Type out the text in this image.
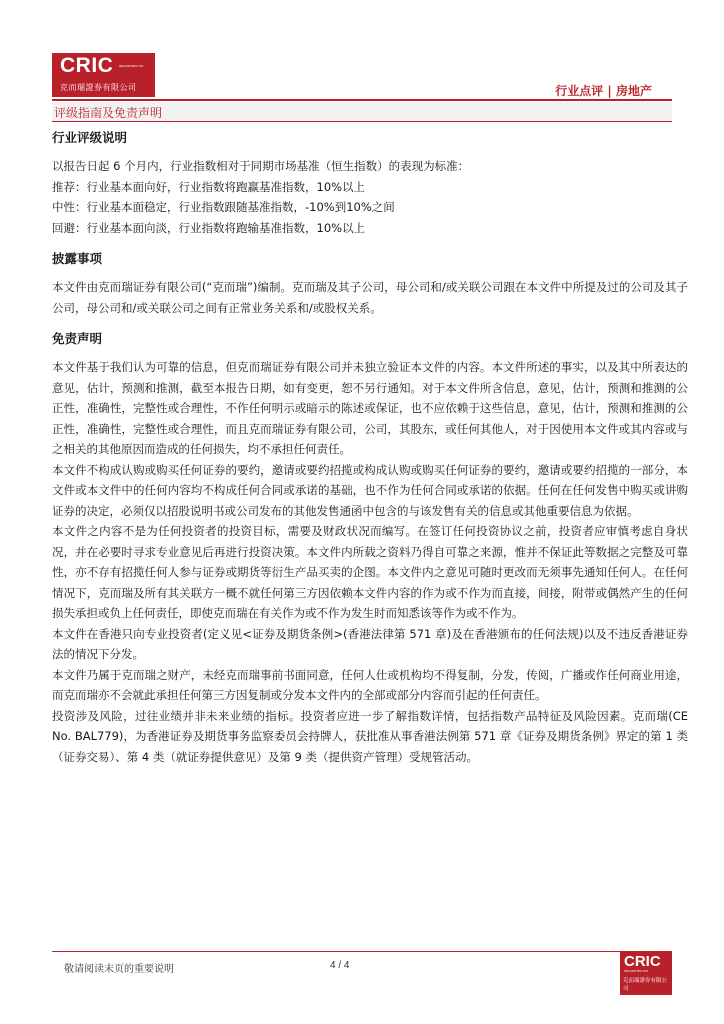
CRIC SECURITIES LTD
克而瑞證券有限公司	行业点评 | 房地产
评级指南及免责声明
行业评级说明

以报告日起 6 个月内，行业指数相对于同期市场基准（恒生指数）的表现为标准：

推荐：行业基本面向好，行业指数将跑赢基准指数，10%以上

中性：行业基本面稳定，行业指数跟随基准指数，-10%到10%之间

回避：行业基本面向淡，行业指数将跑输基准指数，10%以上

披露事项

本文件由克而瑞证券有限公司(“克而瑞”)编制。克而瑞及其子公司，母公司和/或关联公司跟在本文件中所提及过的公司及其子公司，母公司和/或关联公司之间有正常业务关系和/或股权关系。

免责声明

本文件基于我们认为可靠的信息，但克而瑞证券有限公司并未独立验证本文件的内容。本文件所述的事实，以及其中所表达的意见，估计，预测和推测，截至本报告日期，如有变更，恕不另行通知。对于本文件所含信息，意见，估计，预测和推测的公正性，准确性，完整性或合理性，不作任何明示或暗示的陈述或保证，也不应依赖于这些信息，意见，估计，预测和推测的公正性，准确性，完整性或合理性，而且克而瑞证券有限公司，公司，其股东，或任何其他人，对于因使用本文件或其内容或与之相关的其他原因而造成的任何损失，均不承担任何责任。

本文件不构成认购或购买任何证券的要约，邀请或要约招揽或构成认购或购买任何证券的要约，邀请或要约招揽的一部分，本文件或本文件中的任何内容均不构成任何合同或承诺的基础，也不作为任何合同或承诺的依据。任何在任何发售中购买或讲购证券的决定，必须仅以招股说明书或公司发布的其他发售通函中包含的与该发售有关的信息或其他重要信息为依据。

本文件之内容不是为任何投资者的投资目标，需要及财政状况而编写。在签订任何投资协议之前，投资者应审慎考虑自身状况，并在必要时寻求专业意见后再进行投资决策。本文件内所载之资料乃得自可靠之来源，惟并不保证此等数据之完整及可靠性，亦不存有招揽任何人参与证券或期货等衍生产品买卖的企图。本文件内之意见可随时更改而无须事先通知任何人。在任何情况下，克而瑞及所有其关联方一概不就任何第三方因依赖本文件内容的作为或不作为而直接，间接，附带或偶然产生的任何损失承担或负上任何责任，即使克而瑞在有关作为或不作为发生时而知悉该等作为或不作为。

本文件在香港只向专业投资者(定义见<证券及期货条例>(香港法律第 571 章)及在香港颁布的任何法规)以及不违反香港证券法的情况下分发。

本文件乃属于克而瑞之财产，未经克而瑞事前书面同意，任何人仕或机构均不得复制，分发，传阅，广播或作任何商业用途，而克而瑞亦不会就此承担任何第三方因复制或分发本文件内的全部或部分内容而引起的任何责任。

投资涉及风险，过往业绩并非未来业绩的指标。投资者应进一步了解指数详情，包括指数产品特征及风险因素。克而瑞(CE No. BAL779)，为香港证券及期货事务监察委员会持牌人，获批准从事香港法例第 571 章《证券及期货条例》界定的第 1 类（证券交易）、第 4 类（就证券提供意见）及第 9 类（提供资产管理）受规管活动。

敬请阅读末页的重要说明	4 / 4	CRIC
SECURITIES LTD
克而瑞證券有限公司
